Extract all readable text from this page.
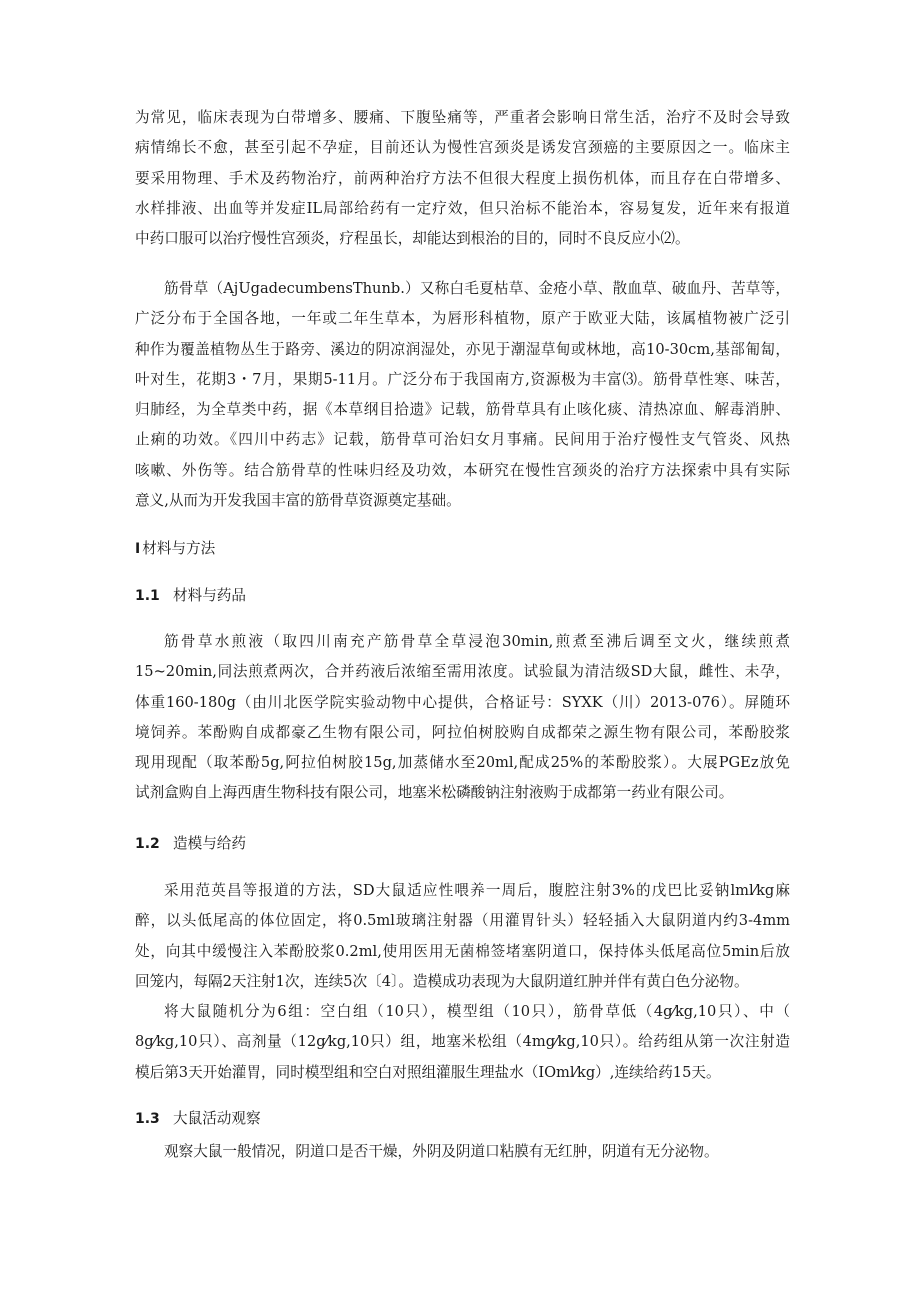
为常见，临床表现为白带增多、腰痛、下腹坠痛等，严重者会影响日常生活，治疗不及时会导致
病情绵长不愈，甚至引起不孕症，目前还认为慢性宫颈炎是诱发宫颈癌的主要原因之一。临床主
要采用物理、手术及药物治疗，前两种治疗方法不但很大程度上损伤机体，而且存在白带增多、
水样排液、出血等并发症IL局部给药有一定疗效，但只治标不能治本，容易复发，近年来有报道
中药口服可以治疗慢性宫颈炎，疗程虽长，却能达到根治的目的，同时不良反应小⑵。
筋骨草（AjUgadecumbensThunb.）又称白毛夏枯草、金疮小草、散血草、破血丹、苦草等，
广泛分布于全国各地，一年或二年生草本，为唇形科植物，原产于欧亚大陆，该属植物被广泛引
种作为覆盖植物丛生于路旁、溪边的阴凉润湿处，亦见于潮湿草甸或林地，高10-30cm,基部匍匐，
叶对生，花期3・7月，果期5-11月。广泛分布于我国南方,资源极为丰富⑶。筋骨草性寒、味苦，
归肺经，为全草类中药，据《本草纲目拾遗》记载，筋骨草具有止咳化痰、清热凉血、解毒消肿、
止痢的功效。《四川中药志》记载，筋骨草可治妇女月事痛。民间用于治疗慢性支气管炎、风热
咳嗽、外伤等。结合筋骨草的性味归经及功效，本研究在慢性宫颈炎的治疗方法探索中具有实际
意义,从而为开发我国丰富的筋骨草资源奠定基础。
I 材料与方法
1.1 材料与药品
筋骨草水煎液（取四川南充产筋骨草全草浸泡30min,煎煮至沸后调至文火，继续煎煮
15~20min,同法煎煮两次，合并药液后浓缩至需用浓度。试验鼠为清洁级SD大鼠，雌性、未孕，
体重160-180g（由川北医学院实验动物中心提供，合格证号：SYXK（川）2013-076）。屏随环
境饲养。苯酚购自成都豪乙生物有限公司，阿拉伯树胶购自成都荣之源生物有限公司，苯酚胶浆
现用现配（取苯酚5g,阿拉伯树胶15g,加蒸储水至20ml,配成25%的苯酚胶浆）。大展PGEz放免
试剂盒购自上海西唐生物科技有限公司，地塞米松磷酸钠注射液购于成都第一药业有限公司。
1.2 造模与给药
采用范英昌等报道的方法，SD大鼠适应性喂养一周后，腹腔注射3%的戊巴比妥钠lml⁄kg麻
醉，以头低尾高的体位固定，将0.5ml玻璃注射器（用灌胃针头）轻轻插入大鼠阴道内约3-4mm
处，向其中缓慢注入苯酚胶浆0.2ml,使用医用无菌棉签堵塞阴道口，保持体头低尾高位5min后放
回笼内，每隔2天注射1次，连续5次〔4〕。造模成功表现为大鼠阴道红肿并伴有黄白色分泌物。
将大鼠随机分为6组：空白组（10只），模型组（10只），筋骨草低（4g⁄kg,10只）、中（
8g⁄kg,10只）、高剂量（12g⁄kg,10只）组，地塞米松组（4mg⁄kg,10只）。给药组从第一次注射造
模后第3天开始灌胃，同时模型组和空白对照组灌服生理盐水（IOml⁄kg）,连续给药15天。
1.3 大鼠活动观察
观察大鼠一般情况，阴道口是否干燥，外阴及阴道口粘膜有无红肿，阴道有无分泌物。
